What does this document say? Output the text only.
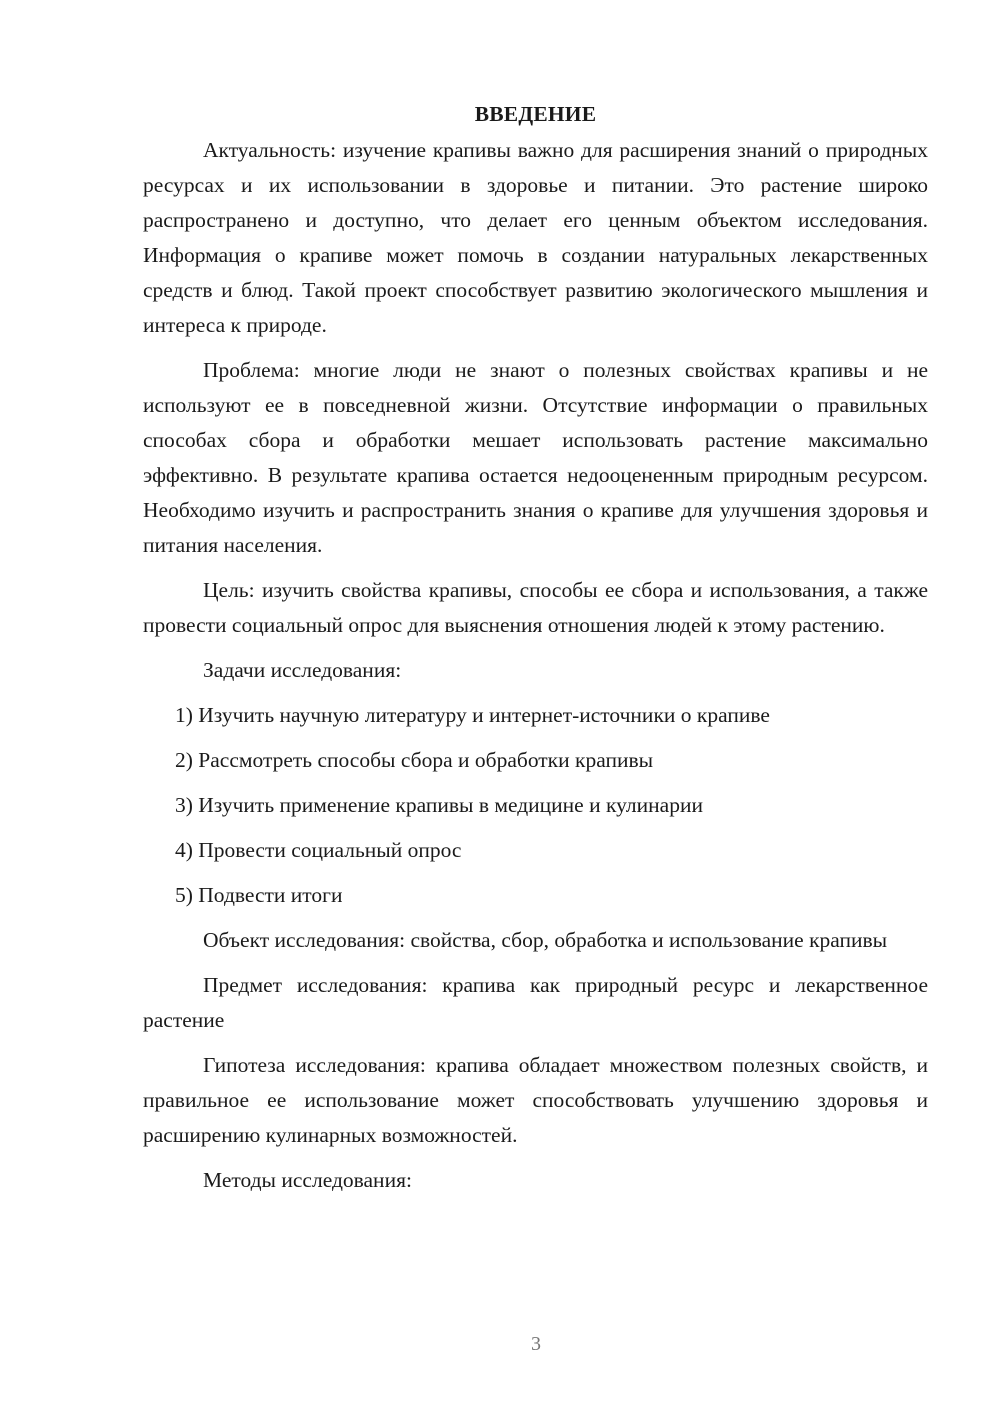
ВВЕДЕНИЕ

Актуальность: изучение крапивы важно для расширения знаний о природных ресурсах и их использовании в здоровье и питании. Это растение широко распространено и доступно, что делает его ценным объектом исследования. Информация о крапиве может помочь в создании натуральных лекарственных средств и блюд. Такой проект способствует развитию экологического мышления и интереса к природе.

Проблема: многие люди не знают о полезных свойствах крапивы и не используют ее в повседневной жизни. Отсутствие информации о правильных способах сбора и обработки мешает использовать растение максимально эффективно. В результате крапива остается недооцененным природным ресурсом. Необходимо изучить и распространить знания о крапиве для улучшения здоровья и питания населения.

Цель: изучить свойства крапивы, способы ее сбора и использования, а также провести социальный опрос для выяснения отношения людей к этому растению.

Задачи исследования:

1) Изучить научную литературу и интернет-источники о крапиве

2) Рассмотреть способы сбора и обработки крапивы

3) Изучить применение крапивы в медицине и кулинарии

4) Провести социальный опрос

5) Подвести итоги

Объект исследования: свойства, сбор, обработка и использование крапивы

Предмет исследования: крапива как природный ресурс и лекарственное растение

Гипотеза исследования: крапива обладает множеством полезных свойств, и правильное ее использование может способствовать улучшению здоровья и расширению кулинарных возможностей.

Методы исследования:

3
